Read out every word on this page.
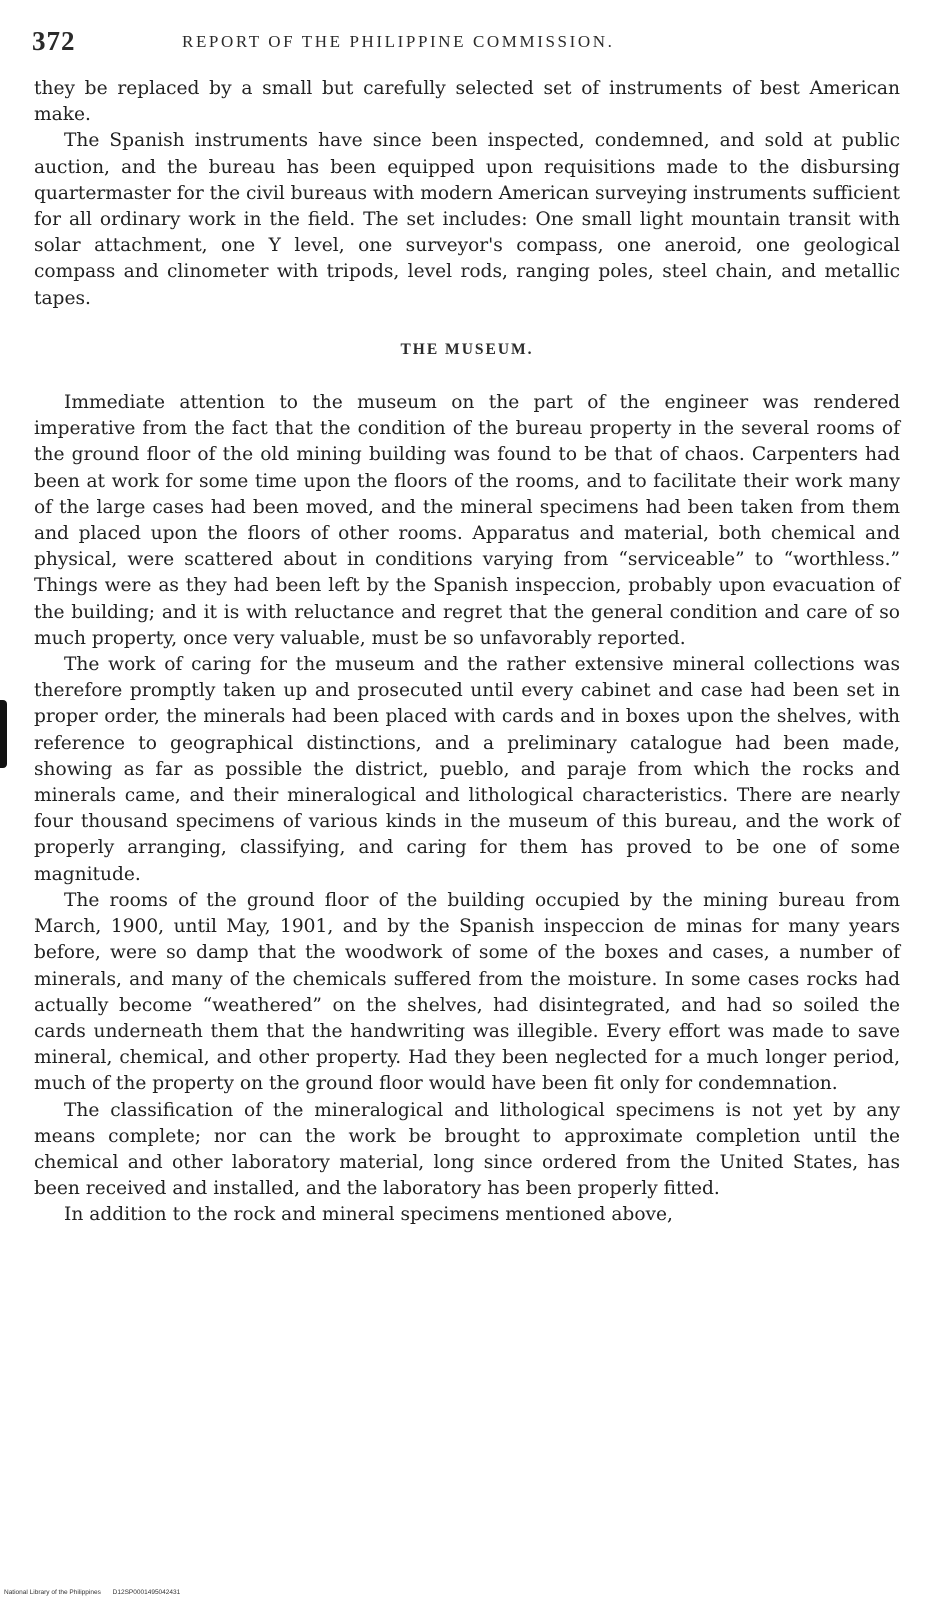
372	REPORT OF THE PHILIPPINE COMMISSION.

they be replaced by a small but carefully selected set of instruments of best American make.

The Spanish instruments have since been inspected, condemned, and sold at public auction, and the bureau has been equipped upon requisitions made to the disbursing quartermaster for the civil bureaus with modern American surveying instruments sufficient for all ordinary work in the field. The set includes: One small light mountain transit with solar attachment, one Y level, one surveyor's compass, one aneroid, one geological compass and clinometer with tripods, level rods, ranging poles, steel chain, and metallic tapes.

THE MUSEUM.

Immediate attention to the museum on the part of the engineer was rendered imperative from the fact that the condition of the bureau property in the several rooms of the ground floor of the old mining building was found to be that of chaos. Carpenters had been at work for some time upon the floors of the rooms, and to facilitate their work many of the large cases had been moved, and the mineral specimens had been taken from them and placed upon the floors of other rooms. Apparatus and material, both chemical and physical, were scattered about in conditions varying from “serviceable” to “worthless.” Things were as they had been left by the Spanish inspeccion, probably upon evacuation of the building; and it is with reluctance and regret that the general condition and care of so much property, once very valuable, must be so unfavorably reported.

The work of caring for the museum and the rather extensive mineral collections was therefore promptly taken up and prosecuted until every cabinet and case had been set in proper order, the minerals had been placed with cards and in boxes upon the shelves, with reference to geographical distinctions, and a preliminary catalogue had been made, showing as far as possible the district, pueblo, and paraje from which the rocks and minerals came, and their mineralogical and lithological characteristics. There are nearly four thousand specimens of various kinds in the museum of this bureau, and the work of properly arranging, classifying, and caring for them has proved to be one of some magnitude.

The rooms of the ground floor of the building occupied by the mining bureau from March, 1900, until May, 1901, and by the Spanish inspeccion de minas for many years before, were so damp that the woodwork of some of the boxes and cases, a number of minerals, and many of the chemicals suffered from the moisture. In some cases rocks had actually become “weathered” on the shelves, had disintegrated, and had so soiled the cards underneath them that the handwriting was illegible. Every effort was made to save mineral, chemical, and other property. Had they been neglected for a much longer period, much of the property on the ground floor would have been fit only for condemnation.

The classification of the mineralogical and lithological specimens is not yet by any means complete; nor can the work be brought to approximate completion until the chemical and other laboratory material, long since ordered from the United States, has been received and installed, and the laboratory has been properly fitted.

In addition to the rock and mineral specimens mentioned above,

National Library of the Philippines D12SP0001495042431
